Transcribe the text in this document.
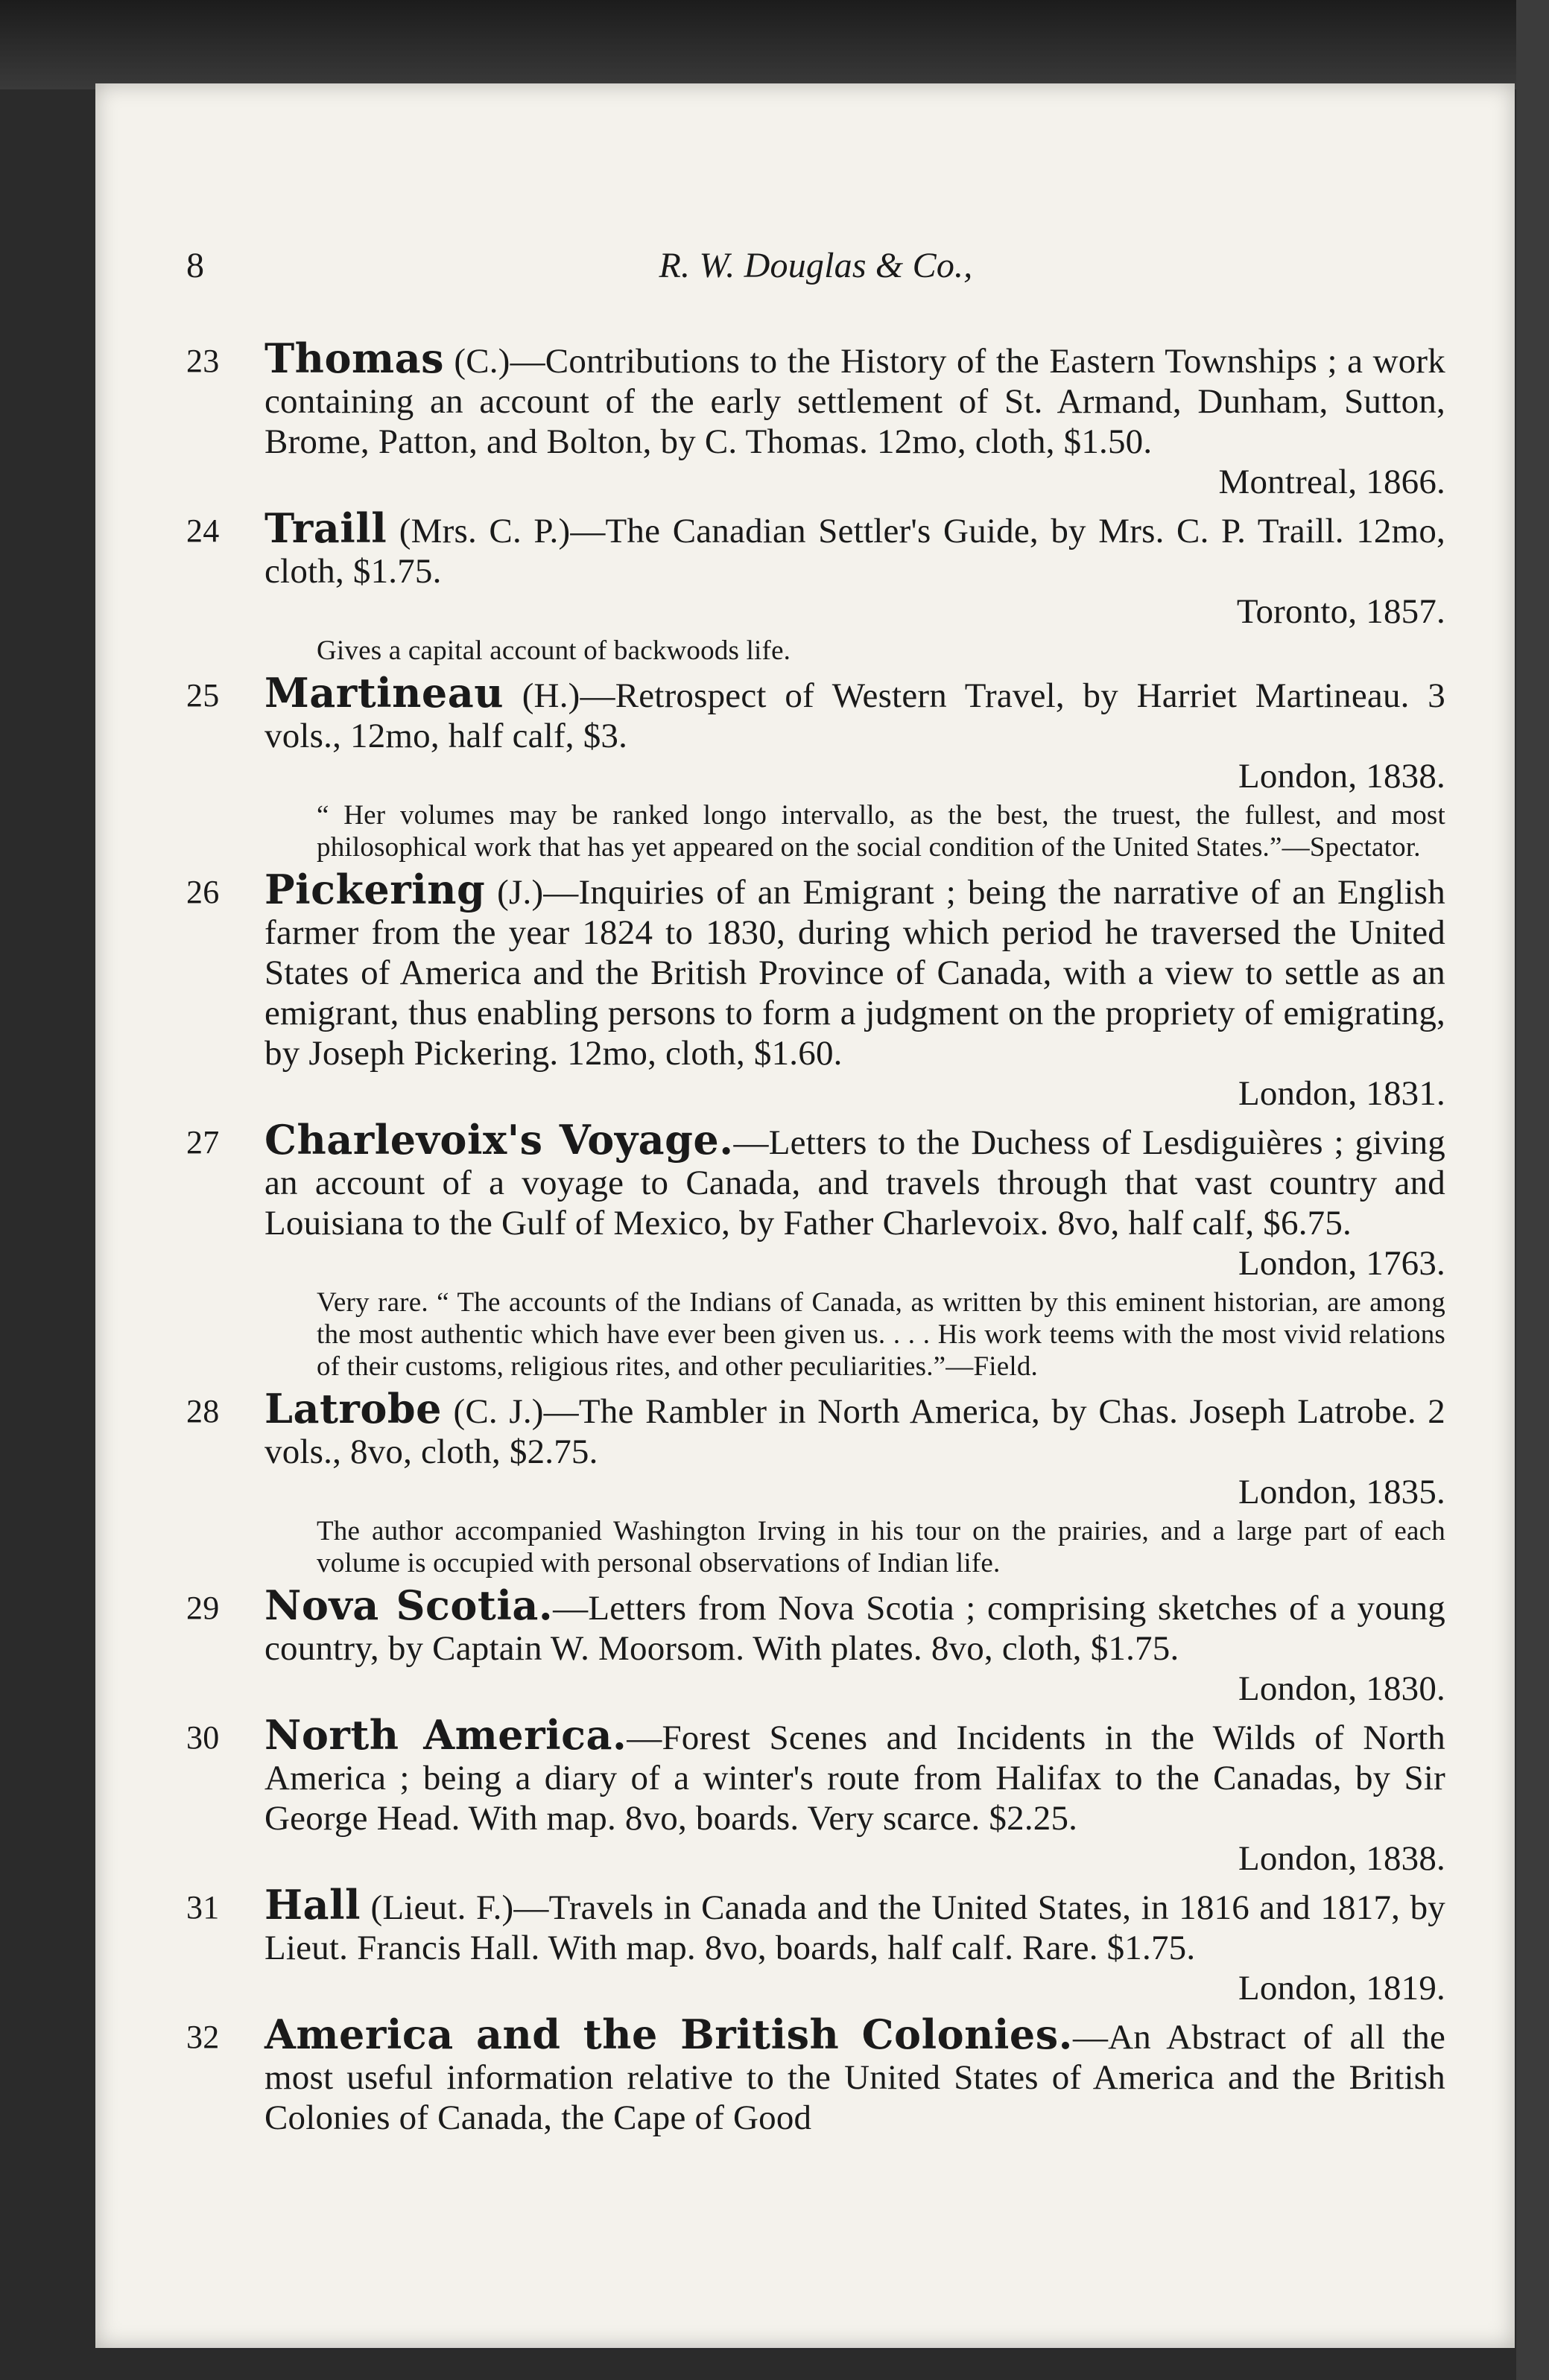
8	R. W. Douglas & Co.,
23	Thomas (C.)—Contributions to the History of the Eastern Townships ; a work containing an account of the early settlement of St. Armand, Dunham, Sutton, Brome, Patton, and Bolton, by C. Thomas. 12mo, cloth, $1.50.
Montreal, 1866.
24	Traill (Mrs. C. P.)—The Canadian Settler's Guide, by Mrs. C. P. Traill. 12mo, cloth, $1.75.
Toronto, 1857.
Gives a capital account of backwoods life.
25	Martineau (H.)—Retrospect of Western Travel, by Harriet Martineau. 3 vols., 12mo, half calf, $3.
London, 1838.
“ Her volumes may be ranked longo intervallo, as the best, the truest, the fullest, and most philosophical work that has yet appeared on the social condition of the United States.”—Spectator.
26	Pickering (J.)—Inquiries of an Emigrant ; being the narrative of an English farmer from the year 1824 to 1830, during which period he traversed the United States of America and the British Province of Canada, with a view to settle as an emigrant, thus enabling persons to form a judgment on the propriety of emigrating, by Joseph Pickering. 12mo, cloth, $1.60.
London, 1831.
27	Charlevoix's Voyage.—Letters to the Duchess of Lesdiguières ; giving an account of a voyage to Canada, and travels through that vast country and Louisiana to the Gulf of Mexico, by Father Charlevoix. 8vo, half calf, $6.75.
London, 1763.
Very rare. “ The accounts of the Indians of Canada, as written by this eminent historian, are among the most authentic which have ever been given us. . . . His work teems with the most vivid relations of their customs, religious rites, and other peculiarities.”—Field.
28	Latrobe (C. J.)—The Rambler in North America, by Chas. Joseph Latrobe. 2 vols., 8vo, cloth, $2.75.
London, 1835.
The author accompanied Washington Irving in his tour on the prairies, and a large part of each volume is occupied with personal observations of Indian life.
29	Nova Scotia.—Letters from Nova Scotia ; comprising sketches of a young country, by Captain W. Moorsom. With plates. 8vo, cloth, $1.75.
London, 1830.
30	North America.—Forest Scenes and Incidents in the Wilds of North America ; being a diary of a winter's route from Halifax to the Canadas, by Sir George Head. With map. 8vo, boards. Very scarce. $2.25.
London, 1838.
31	Hall (Lieut. F.)—Travels in Canada and the United States, in 1816 and 1817, by Lieut. Francis Hall. With map. 8vo, boards, half calf. Rare. $1.75.
London, 1819.
32	America and the British Colonies.—An Abstract of all the most useful information relative to the United States of America and the British Colonies of Canada, the Cape of Good
